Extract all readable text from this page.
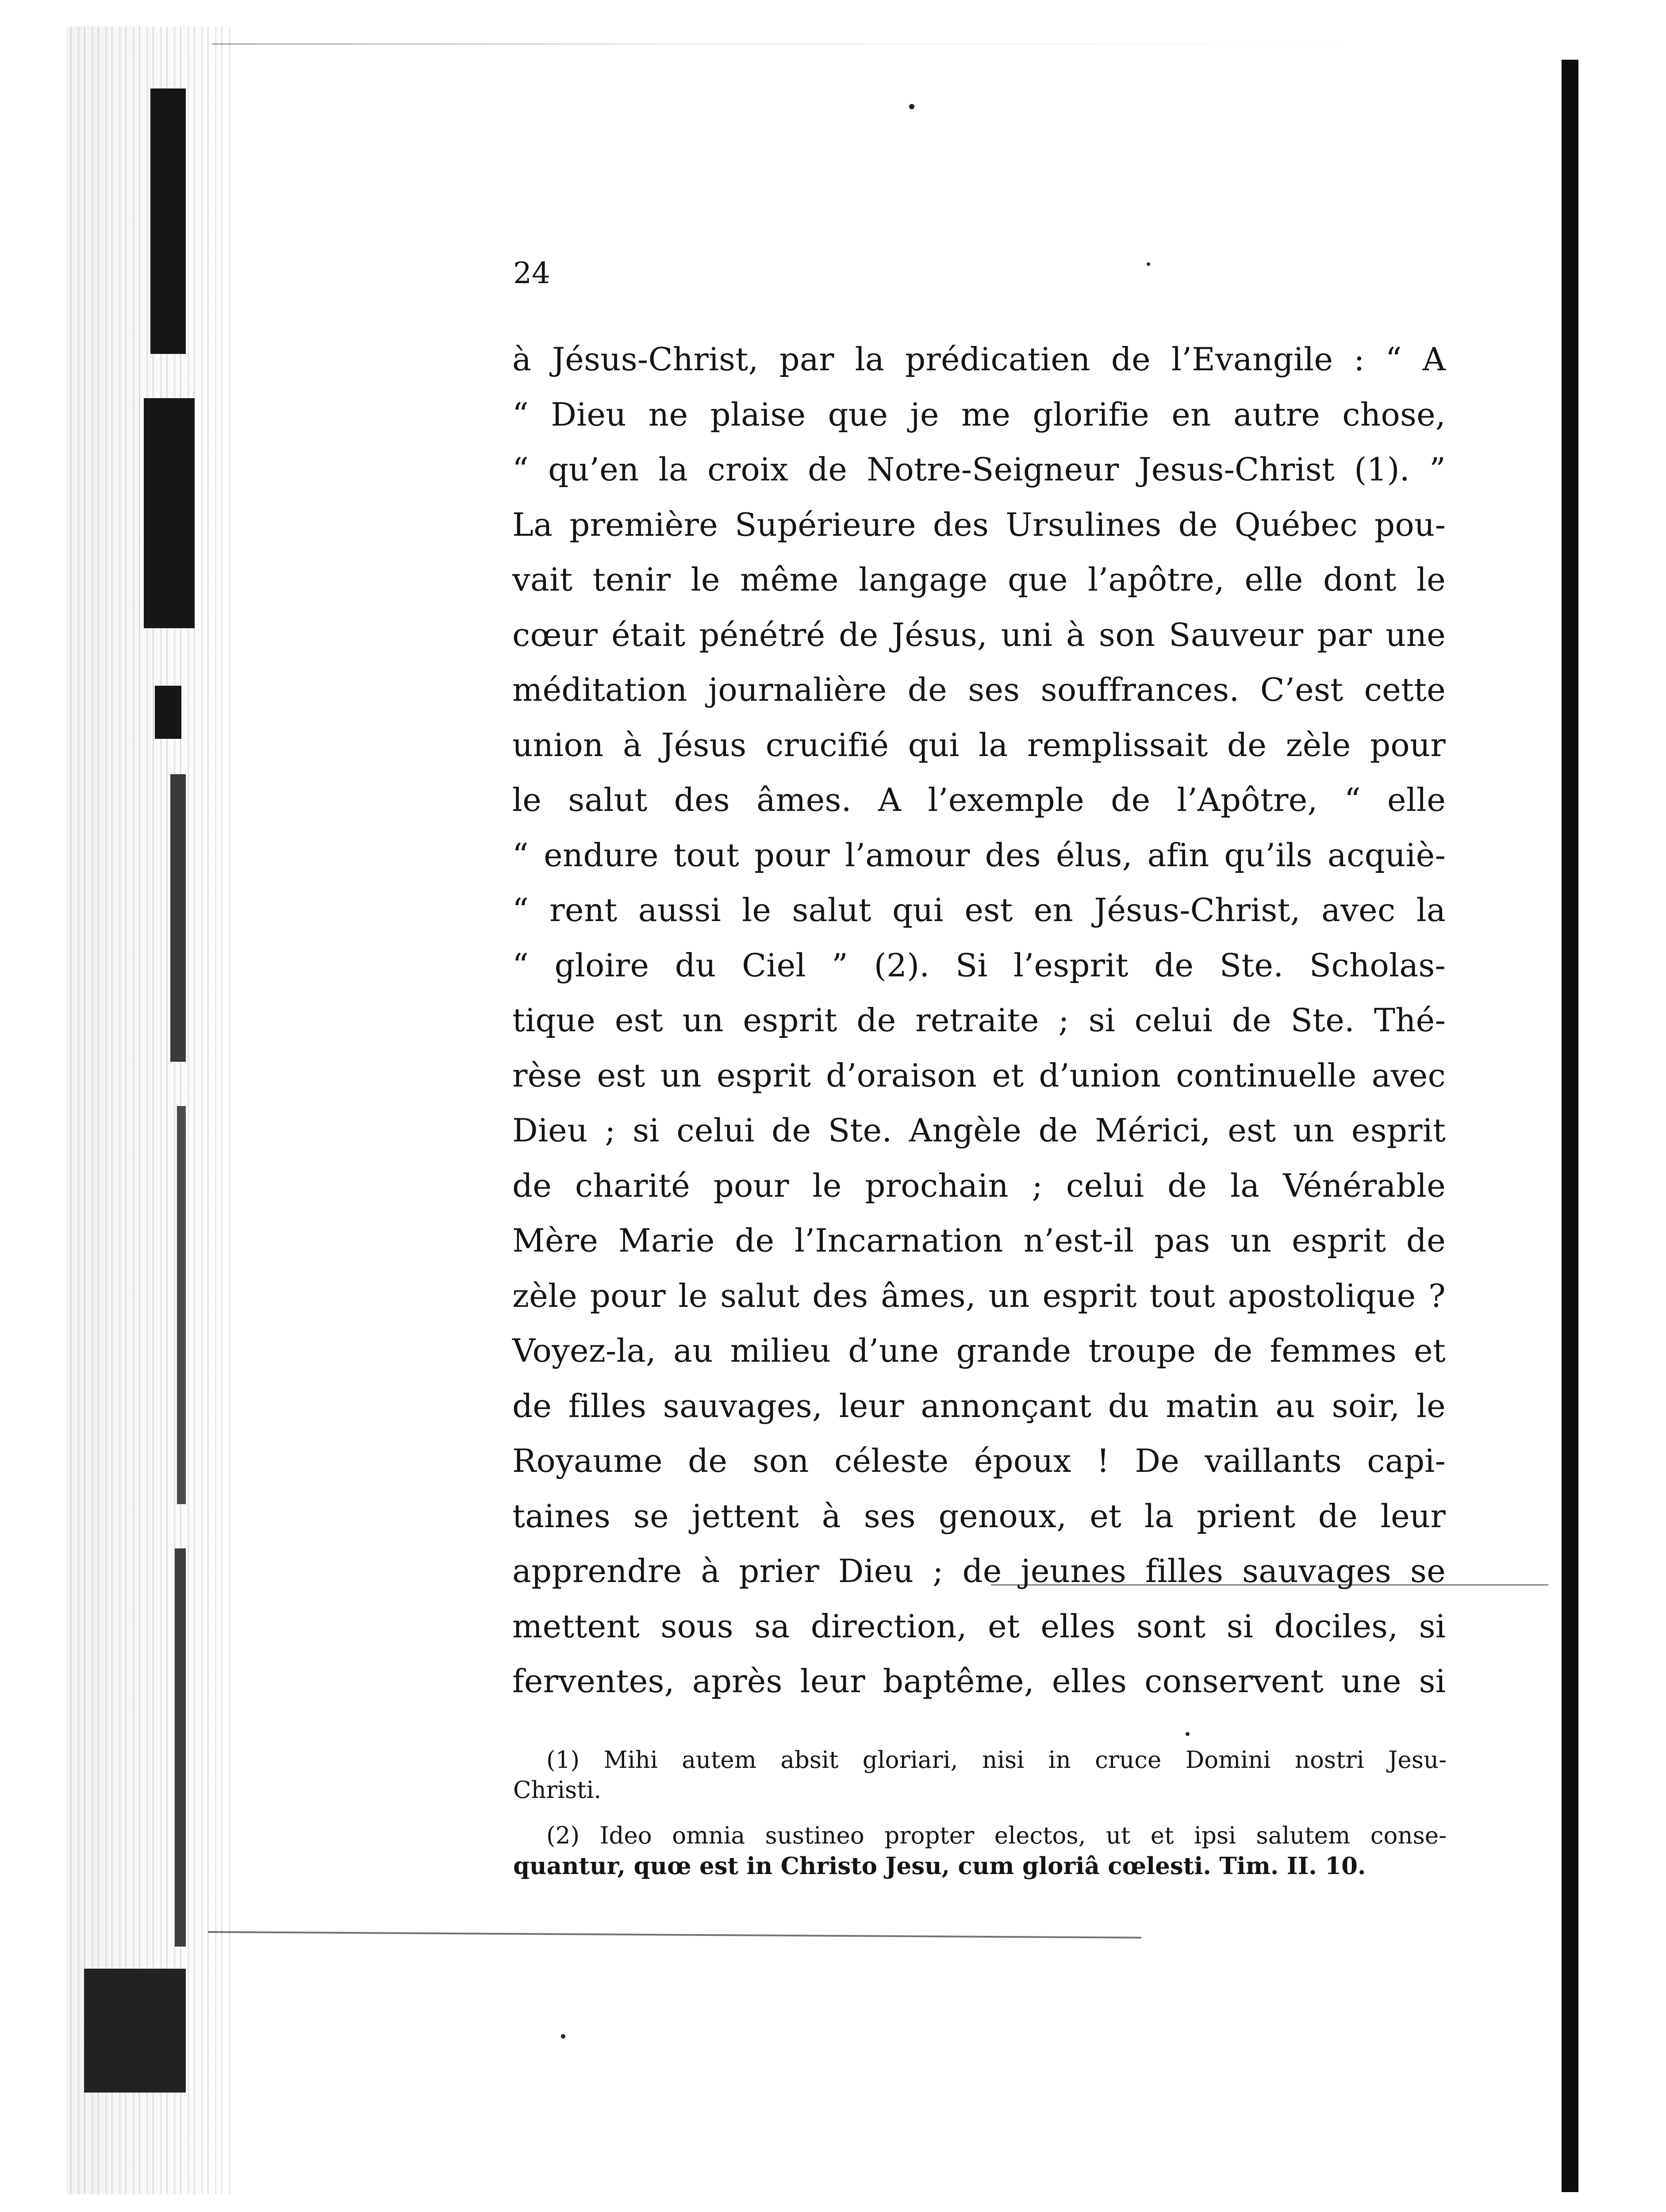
24
à Jésus-Christ, par la prédicatien de l’Evangile : “ A
“ Dieu ne plaise que je me glorifie en autre chose,
“ qu’en la croix de Notre-Seigneur Jesus-Christ (1). ”
La première Supérieure des Ursulines de Québec pou-
vait tenir le même langage que l’apôtre, elle dont le
cœur était pénétré de Jésus, uni à son Sauveur par une
méditation journalière de ses souffrances. C’est cette
union à Jésus crucifié qui la remplissait de zèle pour
le salut des âmes. A l’exemple de l’Apôtre, “ elle
“ endure tout pour l’amour des élus, afin qu’ils acquiè-
“ rent aussi le salut qui est en Jésus-Christ, avec la
“ gloire du Ciel ” (2). Si l’esprit de Ste. Scholas-
tique est un esprit de retraite ; si celui de Ste. Thé-
rèse est un esprit d’oraison et d’union continuelle avec
Dieu ; si celui de Ste. Angèle de Mérici, est un esprit
de charité pour le prochain ; celui de la Vénérable
Mère Marie de l’Incarnation n’est-il pas un esprit de
zèle pour le salut des âmes, un esprit tout apostolique ?
Voyez-la, au milieu d’une grande troupe de femmes et
de filles sauvages, leur annonçant du matin au soir, le
Royaume de son céleste époux ! De vaillants capi-
taines se jettent à ses genoux, et la prient de leur
apprendre à prier Dieu ; de jeunes filles sauvages se
mettent sous sa direction, et elles sont si dociles, si
ferventes, après leur baptême, elles conservent une si

(1) Mihi autem absit gloriari, nisi in cruce Domini nostri Jesu-
Christi.

(2) Ideo omnia sustineo propter electos, ut et ipsi salutem conse-
quantur, quœ est in Christo Jesu, cum gloriâ cœlesti. Tim. II. 10.
